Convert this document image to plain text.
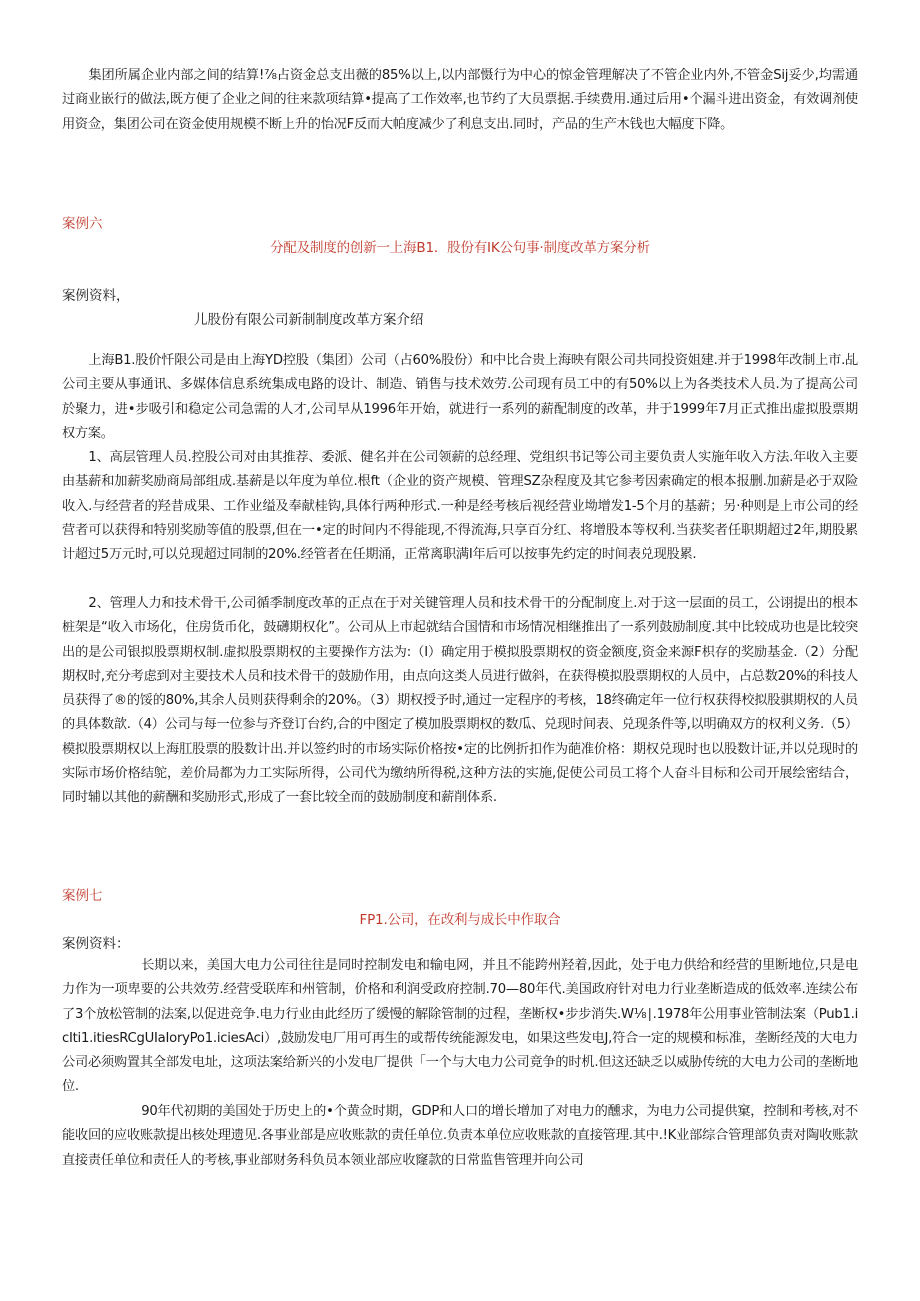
集团所属企业内部之间的结算!⅞占资金总支出薇的85%以上,以内部慑行为中心的惊金管理解决了不管企业内外,不管金Sij妥少,均需通过商业嵌行的做法,既方便了企业之间的往来款项结算•提高了工作效率,也节约了大员票据.手续费用.通过后用•个漏斗进出资金，有效调剂使用资佥，集团公司在资金使用规模不断上升的怡况F反而大帕度减少了利息支出.同时，产品的生产木钱也大幅度下降。

案例六
分配及制度的创新一上海B1．股份有IK公句事·制度改革方案分析
案例资料，
儿股份有限公司新制制度改革方案介绍

上海B1.股价忏限公司是由上海YD控股（集团）公司（占60%股份）和中比合贵上海映有限公司共同投资姐建.并于1998年改制上市.乩公司主要从事通讯、多媒体信息系统集成电路的设计、制造、销售与技术效劳.公司现有员工中的有50%以上为各类技术人员.为了提高公司於聚力，进•步吸引和稳定公司急需的人才,公司早从1996年开始，就进行一系列的薪配制度的改革，井于1999年7月正式推出虚拟股票期权方案。

1、高层管理人员.控股公司对由其推荐、委派、健名并在公司领薪的总经理、党组织书记等公司主要负责人实施年收入方法.年收入主要由基薪和加薪奖励商局部组成.基薪是以年度为单位.根ft（企业的资产规模、管理SZ杂程度及其它参考因索确定的根本报删.加薪是必于双险收入.与经营者的羟昔成果、工作业缢及奉献桂钩,具体行两种形式.一种是经考核后视经营业坳增发1-5个月的基薪；另·种则是上市公司的经营者可以获得和特别奖励等值的股票,但在一•定的时间内不得能现,不得流海,只享百分红、将增股本等权利.当获奖者任职期超过2年,期股累计超过5万元时,可以兑现超过同制的20%.经管者在任期涌，正常离职满Ⅰ年后可以按事先约定的时间表兑现股累.

2、管理人力和技术骨干,公司循季制度改革的正点在于对关键管理人员和技术骨干的分配制度上.对于这一层面的员工，公诩提出的根本桩架是“收入市场化，住房货币化，鼓礴期权化”。公司从上市起就结合国情和市场情况相继推出了一系列鼓励制度.其中比较成功也是比较突出的是公司银拟股票期权制.虚拟股票期权的主要操作方法为:（Ⅰ）确定用于模拟股票期权的资金额度,资金来源F枳存的奖励基金.（2）分配期权时,充分考虑到对主要技术人员和技术骨干的鼓励作用，由点向这类人员进行做斜，在获得模拟股票期权的人员中，占总数20%的科技人员获得了®的馁的80%,其余人员则获得剩余的20%。（3）期权授予时,通过一定程序的考核，18终确定年一位行权获得校拟股骐期权的人员的具体数歆.（4）公司与每一位参与齐登订台约,合的中图定了模加股票期权的数瓜、兑现时间表、兑现条件等,以明确双方的权利义务.（5）模拟股票期权以上海肛股票的股数计出.并以签约时的市场实际价格按•定的比例折扣作为葩准价格：期权兑现时也以股数计证,并以兑现时的实际市场价格结鸵，差价局都为力工实际所得，公司代为缴纳所得税,这种方法的实施,促使公司员工将个人奋斗目标和公司开展绘密结合，同时辅以其他的薪酬和奖励形式,形成了一套比较全而的鼓励制度和薪削体系.

案例七
FP1.公司，在改利与成长中作取合
案例资料：

长期以来，美国大电力公司往往是同时控制发电和输电网，并且不能跨州羟着,因此，处于电力供给和经营的里断地位,只是电力作为一项卑要的公共效劳.经营受联库和州管制，价格和利润受政府控制.70—80年代.美国政府针对电力行业垄断造成的低效率.连续公布了3个放松管制的法案,以促进竞争.电力行业由此经历了缓慢的解除管制的过程，垄断权•步步消失.W⅛∣.1978年公用事业管制法案（Pub1.icIti1.itiesRCgUIaIoryPo1.iciesAci）,鼓励发电厂用可再生的或帮传统能源发电，如果这些发电J,符合一定的规模和标准，垄断经茂的大电力公司必须购置其全部发电址，这项法案给新兴的小发电厂提供「一个与大电力公司竟争的时机.但这还缺乏以威胁传统的大电力公司的垄断地位.

90年代初期的美国处于历史上的•个黄佥时期，GDP和人口的增长增加了对电力的醺求，为电力公司提供窠，控制和考核,对不能收回的应收账款提出核处理遗见.各事业部是应收账款的责任单位.负责本单位应收账款的直接管理.其中.!K业部综合管理部负责对陶收账款直接责任单位和责任人的考核,事业部财务科负员本领业部应收窿款的日常监售管理并向公司
